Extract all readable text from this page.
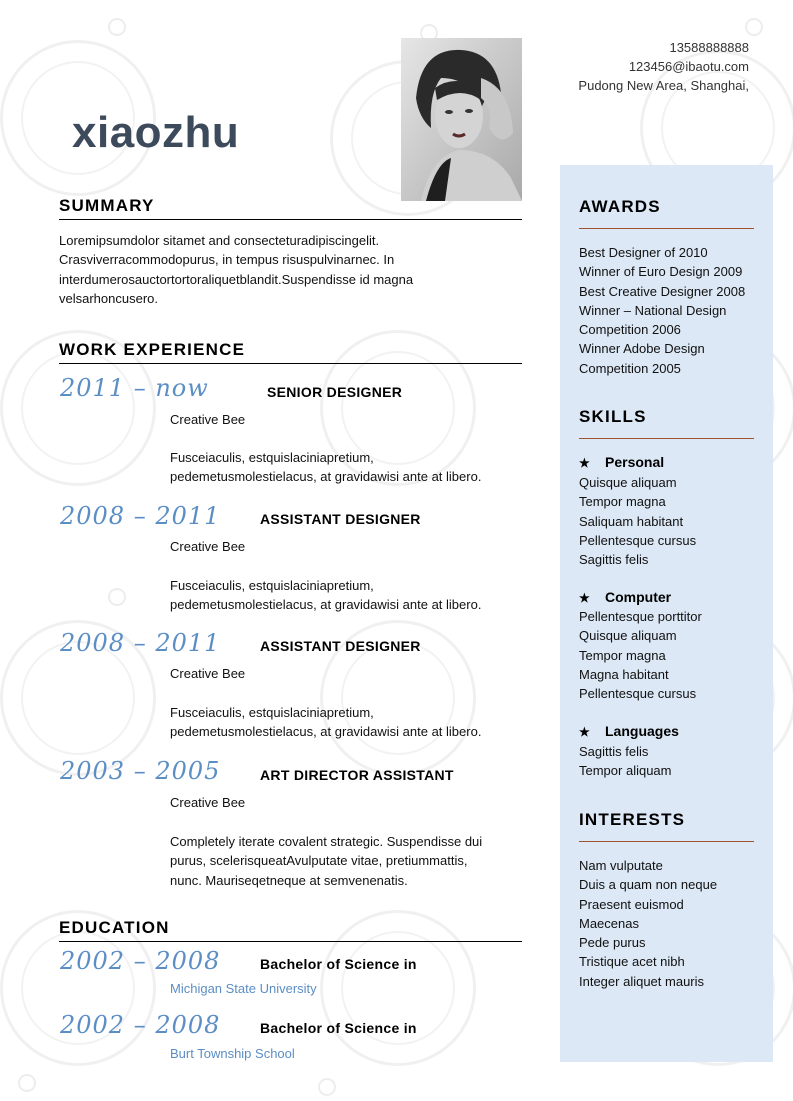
xiaozhu
13588888888
123456@ibaotu.com
Pudong New Area, Shanghai,
SUMMARY
Loremipsumdolor sitamet and consecteturadipiscingelit.
Crasviverracommodopurus, in tempus risuspulvinarnec. In
interdumerosauctortortoraliquetblandit.Suspendisse id magna
velsarhoncusero.
WORK EXPERIENCE
2011 – now	SENIOR DESIGNER
Creative Bee
Fusceiaculis, estquislaciniapretium,
pedemetusmolestielacus, at gravidawisi ante at libero.
2008 – 2011	ASSISTANT DESIGNER
Creative Bee
Fusceiaculis, estquislaciniapretium,
pedemetusmolestielacus, at gravidawisi ante at libero.
2008 – 2011	ASSISTANT DESIGNER
Creative Bee
Fusceiaculis, estquislaciniapretium,
pedemetusmolestielacus, at gravidawisi ante at libero.
2003 – 2005	ART DIRECTOR ASSISTANT
Creative Bee
Completely iterate covalent strategic. Suspendisse dui
purus, scelerisqueatAvulputate vitae, pretiummattis,
nunc. Mauriseqetneque at semvenenatis.
EDUCATION
2002 – 2008	Bachelor of Science in
Michigan State University
2002 – 2008	Bachelor of Science in
Burt Township School
AWARDS
Best Designer of 2010
Winner of Euro Design 2009
Best Creative Designer 2008
Winner – National Design
Competition 2006
Winner Adobe Design
Competition 2005
SKILLS
★ Personal
Quisque aliquam
Tempor magna
Saliquam habitant
Pellentesque cursus
Sagittis felis
★ Computer
Pellentesque porttitor
Quisque aliquam
Tempor magna
Magna habitant
Pellentesque cursus
★ Languages
Sagittis felis
Tempor aliquam
INTERESTS
Nam vulputate
Duis a quam non neque
Praesent euismod
Maecenas
Pede purus
Tristique acet nibh
Integer aliquet mauris
